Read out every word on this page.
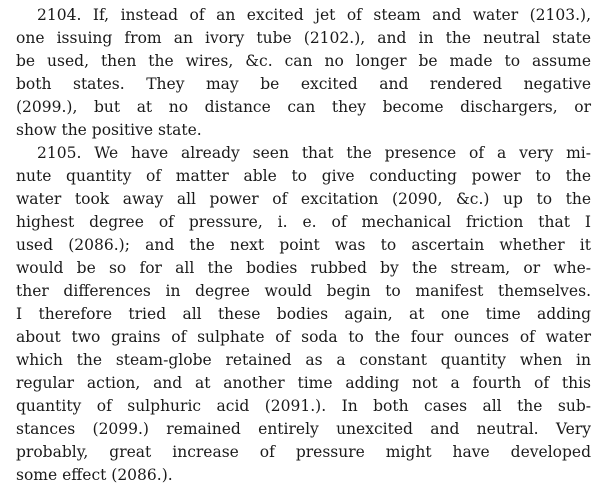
2104. If, instead of an excited jet of steam and water (2103.),
one issuing from an ivory tube (2102.), and in the neutral state
be used, then the wires, &c. can no longer be made to assume
both states. They may be excited and rendered negative
(2099.), but at no distance can they become dischargers, or
show the positive state.
2105. We have already seen that the presence of a very mi-
nute quantity of matter able to give conducting power to the
water took away all power of excitation (2090, &c.) up to the
highest degree of pressure, i. e. of mechanical friction that I
used (2086.); and the next point was to ascertain whether it
would be so for all the bodies rubbed by the stream, or whe-
ther differences in degree would begin to manifest themselves.
I therefore tried all these bodies again, at one time adding
about two grains of sulphate of soda to the four ounces of water
which the steam-globe retained as a constant quantity when in
regular action, and at another time adding not a fourth of this
quantity of sulphuric acid (2091.). In both cases all the sub-
stances (2099.) remained entirely unexcited and neutral. Very
probably, great increase of pressure might have developed
some effect (2086.).
